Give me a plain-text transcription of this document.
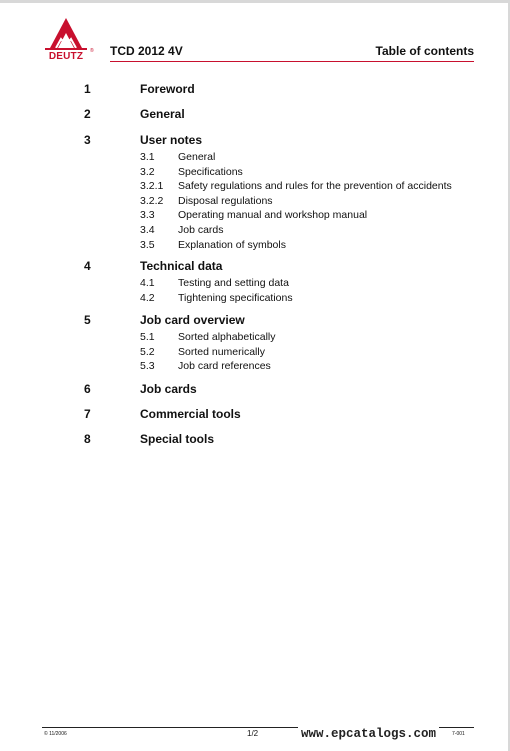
DEUTZ	® TCD 2012 4V	Table of contents
1	Foreword
2	General
3	User notes
3.1 General
3.2 Specifications
3.2.1 Safety regulations and rules for the prevention of accidents
3.2.2 Disposal regulations
3.3 Operating manual and workshop manual
3.4 Job cards
3.5 Explanation of symbols
4	Technical data
4.1 Testing and setting data
4.2 Tightening specifications
5	Job card overview
5.1 Sorted alphabetically
5.2 Sorted numerically
5.3 Job card references
6	Job cards
7	Commercial tools
8	Special tools
© 11/2006	1/2	7-001
www.epcatalogs.com
